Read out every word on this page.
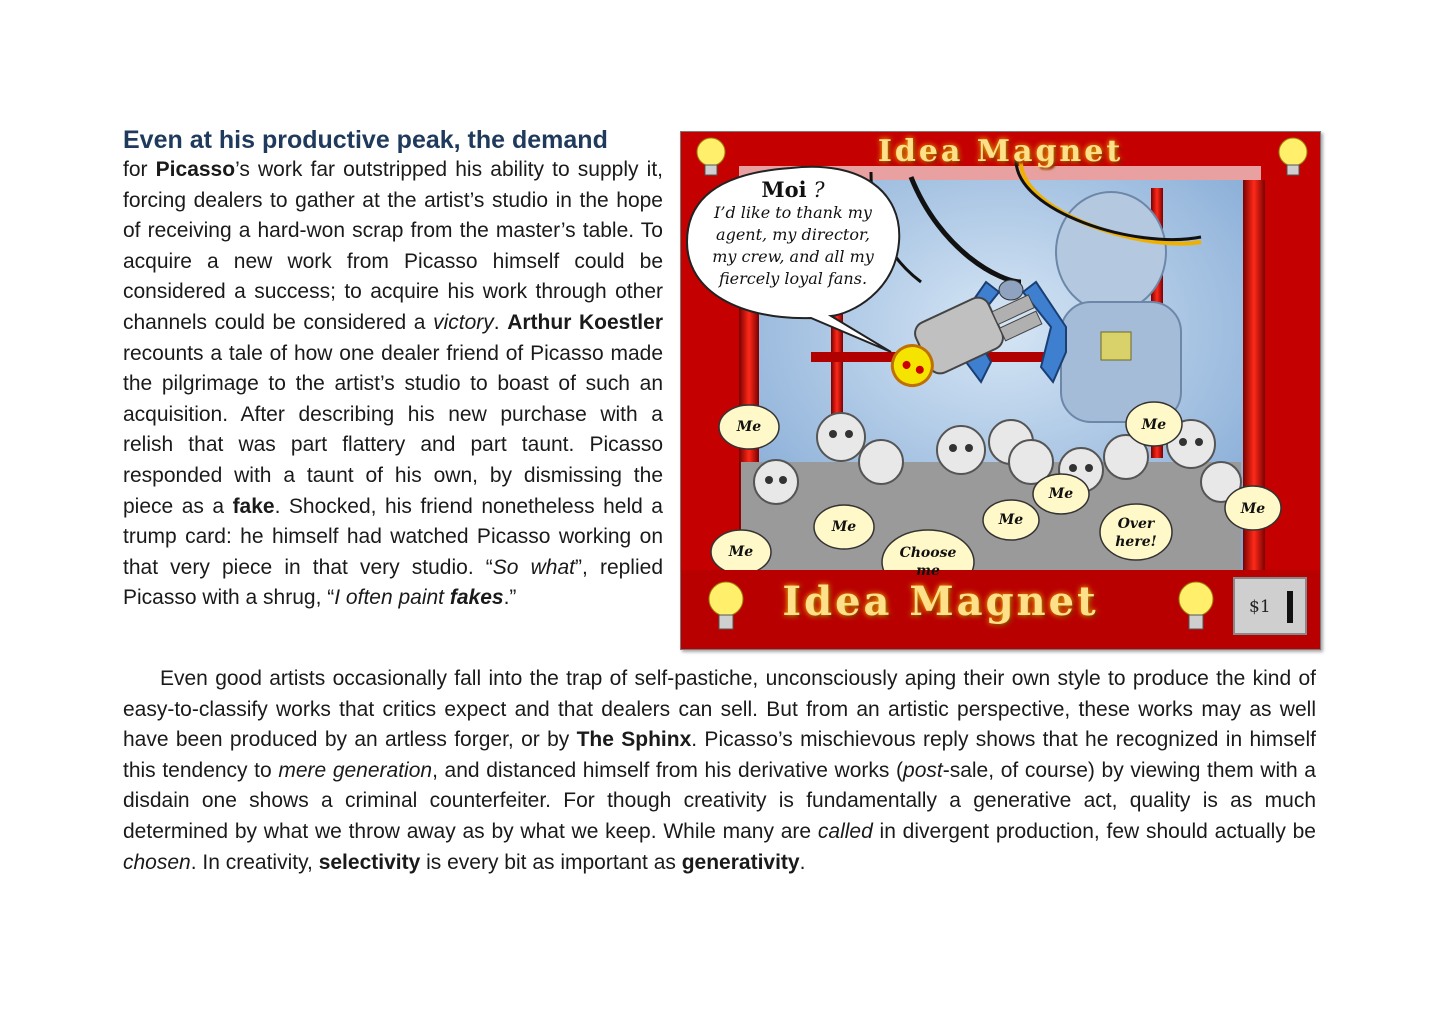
Even at his productive peak, the demand
for Picasso’s work far outstripped his ability to supply it, forcing dealers to gather at the artist’s studio in the hope of receiving a hard-won scrap from the master’s table. To acquire a new work from Picasso himself could be considered a success; to acquire his work through other channels could be considered a victory. Arthur Koestler recounts a tale of how one dealer friend of Picasso made the pilgrimage to the artist’s studio to boast of such an acquisition. After describing his new purchase with a relish that was part flattery and part taunt. Picasso responded with a taunt of his own, by dismissing the piece as a fake. Shocked, his friend nonetheless held a trump card: he himself had watched Picasso working on that very piece in that very studio. “So what”, replied Picasso with a shrug, “I often paint fakes.”
Idea Magnet
Idea Magnet	$1
Moi ?
I’d like to thank my agent, my director, my crew, and all my fiercely loyal fans.
Me
Me
Me	Me
Me
Me
Me
Choose me
Over here!
Even good artists occasionally fall into the trap of self-pastiche, unconsciously aping their own style to produce the kind of easy-to-classify works that critics expect and that dealers can sell. But from an artistic perspective, these works may as well have been produced by an artless forger, or by The Sphinx. Picasso’s mischievous reply shows that he recognized in himself this tendency to mere generation, and distanced himself from his derivative works (post-sale, of course) by viewing them with a disdain one shows a criminal counterfeiter. For though creativity is fundamentally a generative act, quality is as much determined by what we throw away as by what we keep. While many are called in divergent production, few should actually be chosen. In creativity, selectivity is every bit as important as generativity.
